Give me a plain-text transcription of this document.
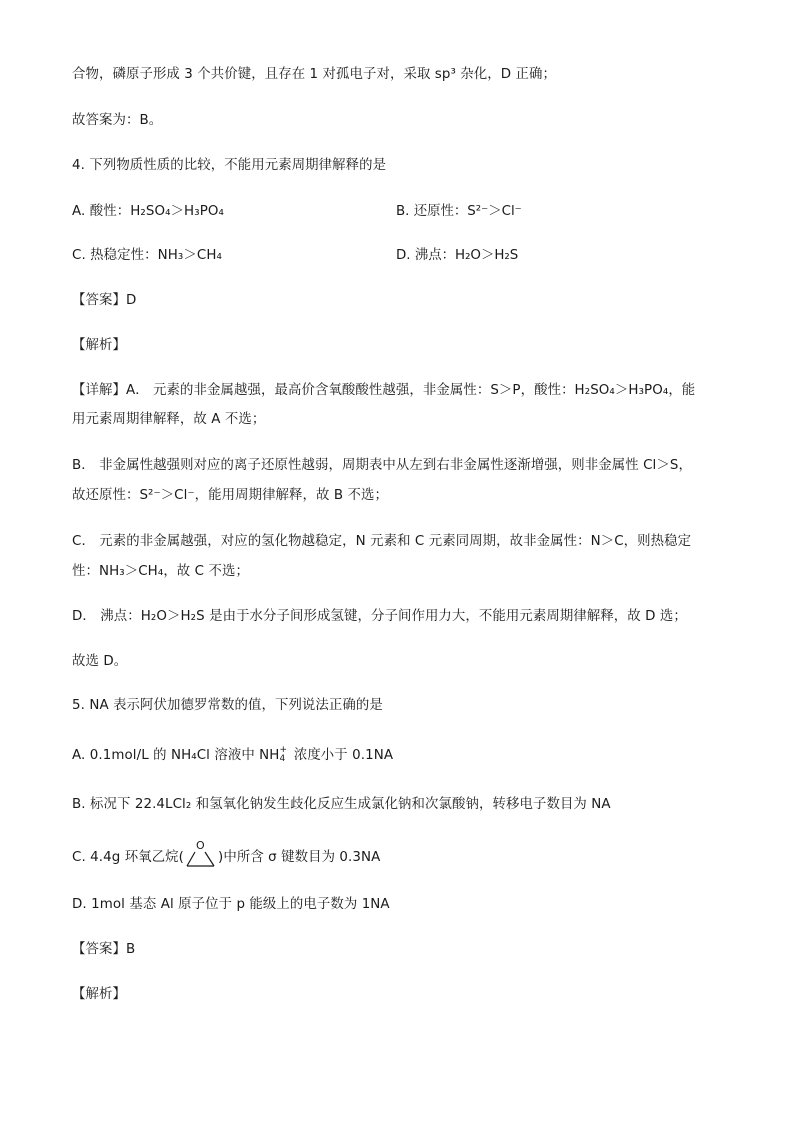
合物，磷原子形成 3 个共价键，且存在 1 对孤电子对，采取 sp³ 杂化，D 正确；
故答案为：B。
4. 下列物质性质的比较，不能用元素周期律解释的是
A. 酸性：H₂SO₄＞H₃PO₄	B. 还原性：S²⁻＞Cl⁻
C. 热稳定性：NH₃＞CH₄	D. 沸点：H₂O＞H₂S
【答案】D
【解析】
【详解】A． 元素的非金属越强，最高价含氧酸酸性越强，非金属性：S＞P，酸性：H₂SO₄＞H₃PO₄，能
用元素周期律解释，故 A 不选；
B． 非金属性越强则对应的离子还原性越弱，周期表中从左到右非金属性逐渐增强，则非金属性 Cl＞S，
故还原性：S²⁻＞Cl⁻，能用周期律解释，故 B 不选；
C． 元素的非金属越强，对应的氢化物越稳定，N 元素和 C 元素同周期，故非金属性：N＞C，则热稳定
性：NH₃＞CH₄，故 C 不选；
D． 沸点：H₂O＞H₂S 是由于水分子间形成氢键，分子间作用力大，不能用元素周期律解释，故 D 选；
故选 D。
5. NA 表示阿伏加德罗常数的值，下列说法正确的是
A. 0.1mol/L 的 NH₄Cl 溶液中 NH +
4 浓度小于 0.1NA
B. 标况下 22.4LCl₂ 和氢氧化钠发生歧化反应生成氯化钠和次氯酸钠，转移电子数目为 NA
C. 4.4g 环氧乙烷(
O
)中所含 σ 键数目为 0.3NA
D. 1mol 基态 Al 原子位于 p 能级上的电子数为 1NA
【答案】B
【解析】
